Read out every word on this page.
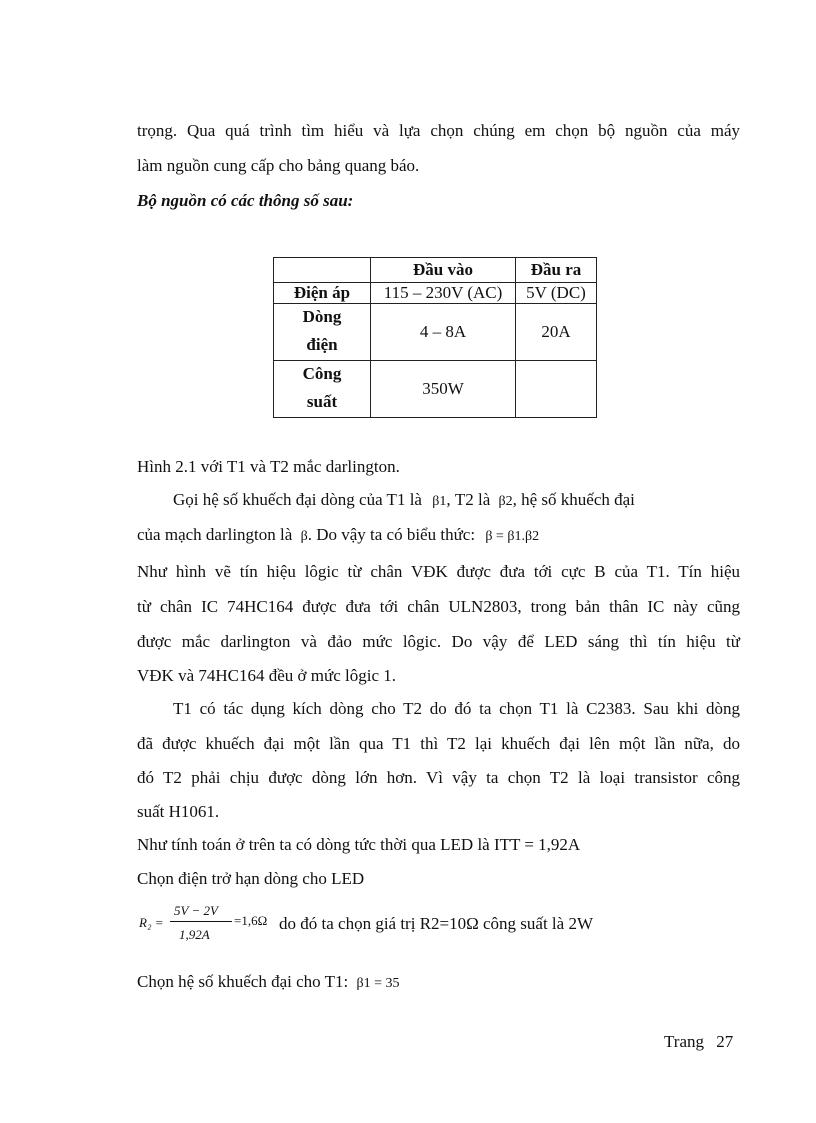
trọng. Qua quá trình tìm hiểu và lựa chọn chúng em chọn bộ nguồn của máy
làm nguồn cung cấp cho bảng quang báo.
Bộ nguồn có các thông số sau:
	Đầu vào	Đầu ra
Điện áp	115 – 230V (AC)	5V (DC)

Dòng
điện	4 – 8A	20A

Công
suất	350W	
Hình 2.1 với T1 và T2 mắc darlington.
Gọi hệ số khuếch đại dòng của T1 là β1, T2 là β2, hệ số khuếch đại
của mạch darlington là β. Do vậy ta có biểu thức: β = β1.β2
Như hình vẽ tín hiệu lôgic từ chân VĐK được đưa tới cực B của T1. Tín hiệu
từ chân IC 74HC164 được đưa tới chân ULN2803, trong bản thân IC này cũng
được mắc darlington và đảo mức lôgic. Do vậy để LED sáng thì tín hiệu từ
VĐK và 74HC164 đều ở mức lôgic 1.
T1 có tác dụng kích dòng cho T2 do đó ta chọn T1 là C2383. Sau khi dòng
đã được khuếch đại một lần qua T1 thì T2 lại khuếch đại lên một lần nữa, do
đó T2 phải chịu được dòng lớn hơn. Vì vậy ta chọn T2 là loại transistor công
suất H1061.
Như tính toán ở trên ta có dòng tức thời qua LED là ITT = 1,92A
Chọn điện trở hạn dòng cho LED
R₂ =
5V − 2V
1,92A
=1,6Ω do đó ta chọn giá trị R2=10Ω công suất là 2W
Chọn hệ số khuếch đại cho T1: β1 = 35
Trang 27
